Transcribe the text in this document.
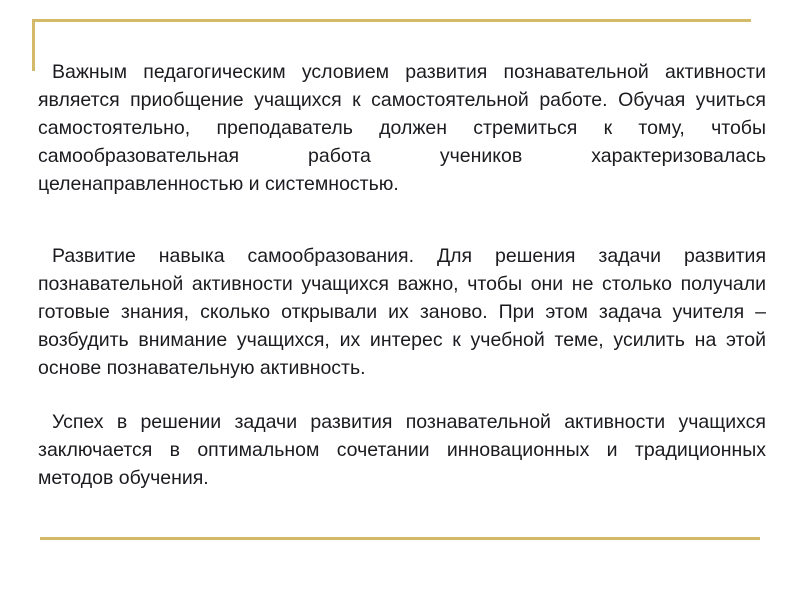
Важным педагогическим условием развития познавательной активности является приобщение учащихся к самостоятельной работе. Обучая учиться самостоятельно, преподаватель должен стремиться к тому, чтобы самообразовательная работа учеников характеризовалась целенаправленностью и системностью.

Развитие навыка самообразования. Для решения задачи развития познавательной активности учащихся важно, чтобы они не столько получали готовые знания, сколько открывали их заново. При этом задача учителя – возбудить внимание учащихся, их интерес к учебной теме, усилить на этой основе познавательную активность.

Успех в решении задачи развития познавательной активности учащихся заключается в оптимальном сочетании инновационных и традиционных методов обучения.
